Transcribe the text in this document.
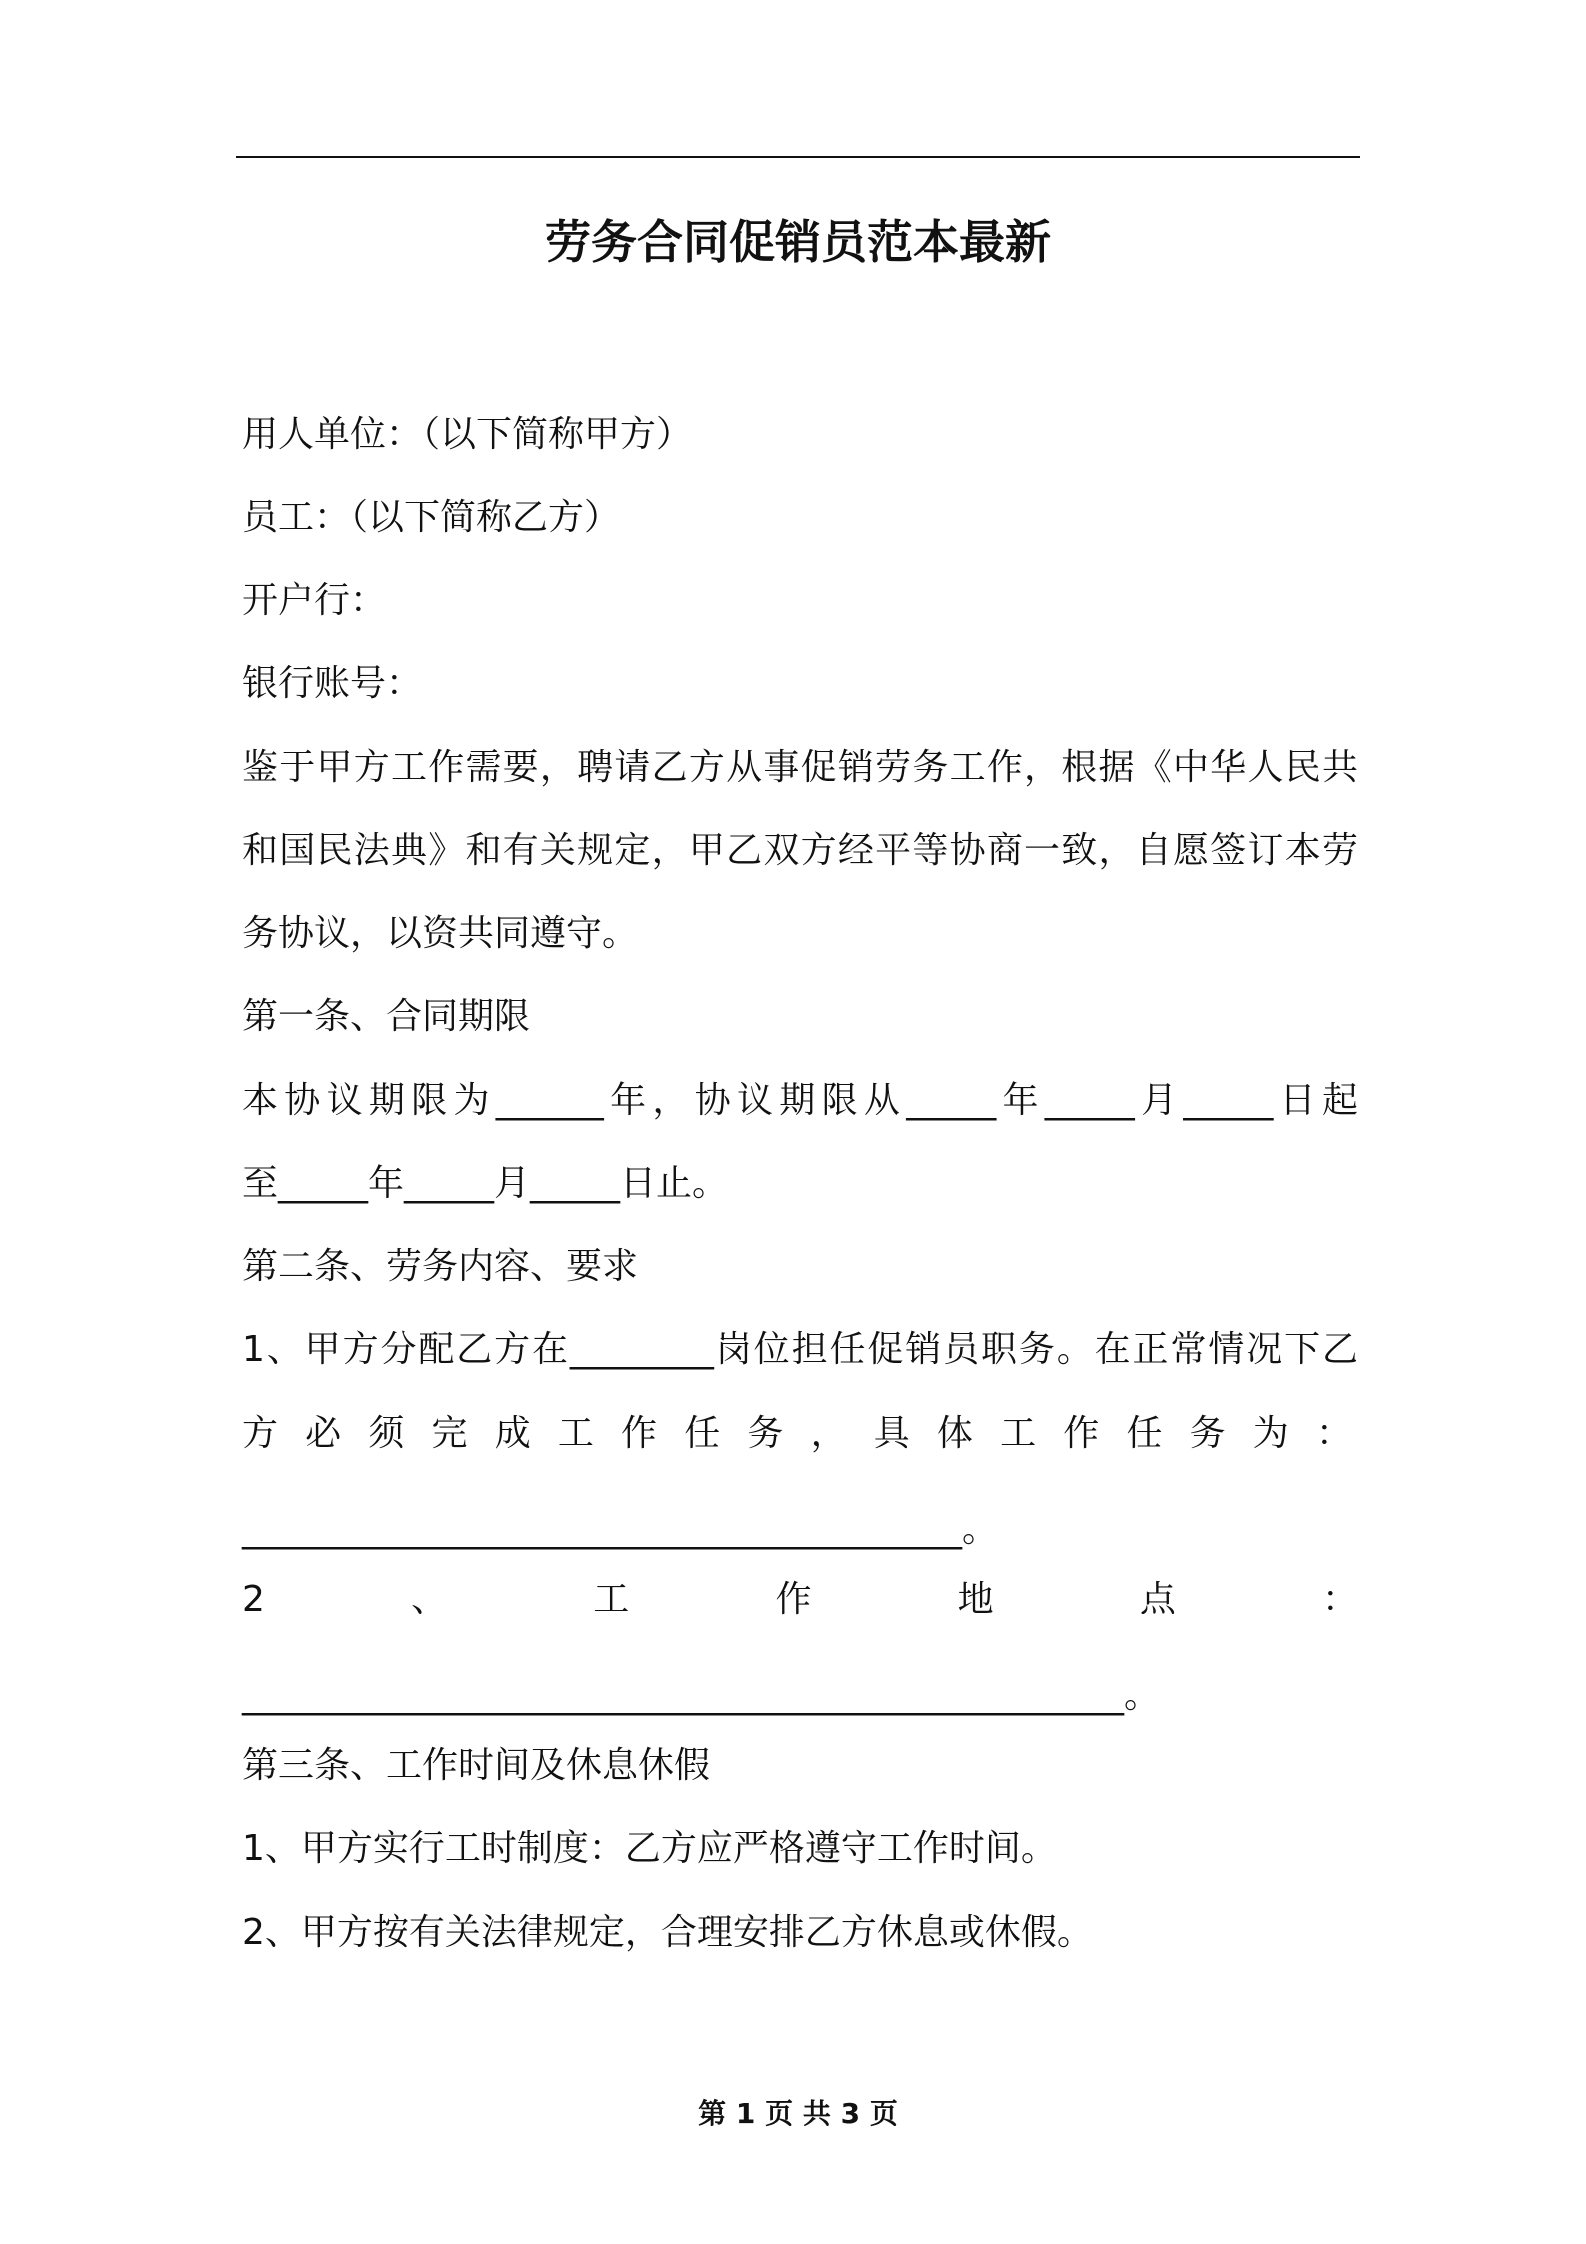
劳务合同促销员范本最新
用人单位：（以下简称甲方）
员工：（以下简称乙方）
开户行：
银行账号：
鉴于甲方工作需要，聘请乙方从事促销劳务工作，根据《中华人民共
和国民法典》和有关规定，甲乙双方经平等协商一致，自愿签订本劳
务协议，以资共同遵守。
第一条、合同期限
本协议期限为______年，协议期限从_____年_____月_____日起
至_____年_____月_____日止。
第二条、劳务内容、要求
1、甲方分配乙方在________岗位担任促销员职务。在正常情况下乙
方必须完成工作任务，具体工作任务为：
________________________________________。
2、工作地点：
_________________________________________________。
第三条、工作时间及休息休假
1、甲方实行工时制度：乙方应严格遵守工作时间。
2、甲方按有关法律规定，合理安排乙方休息或休假。
第 1 页 共 3 页
